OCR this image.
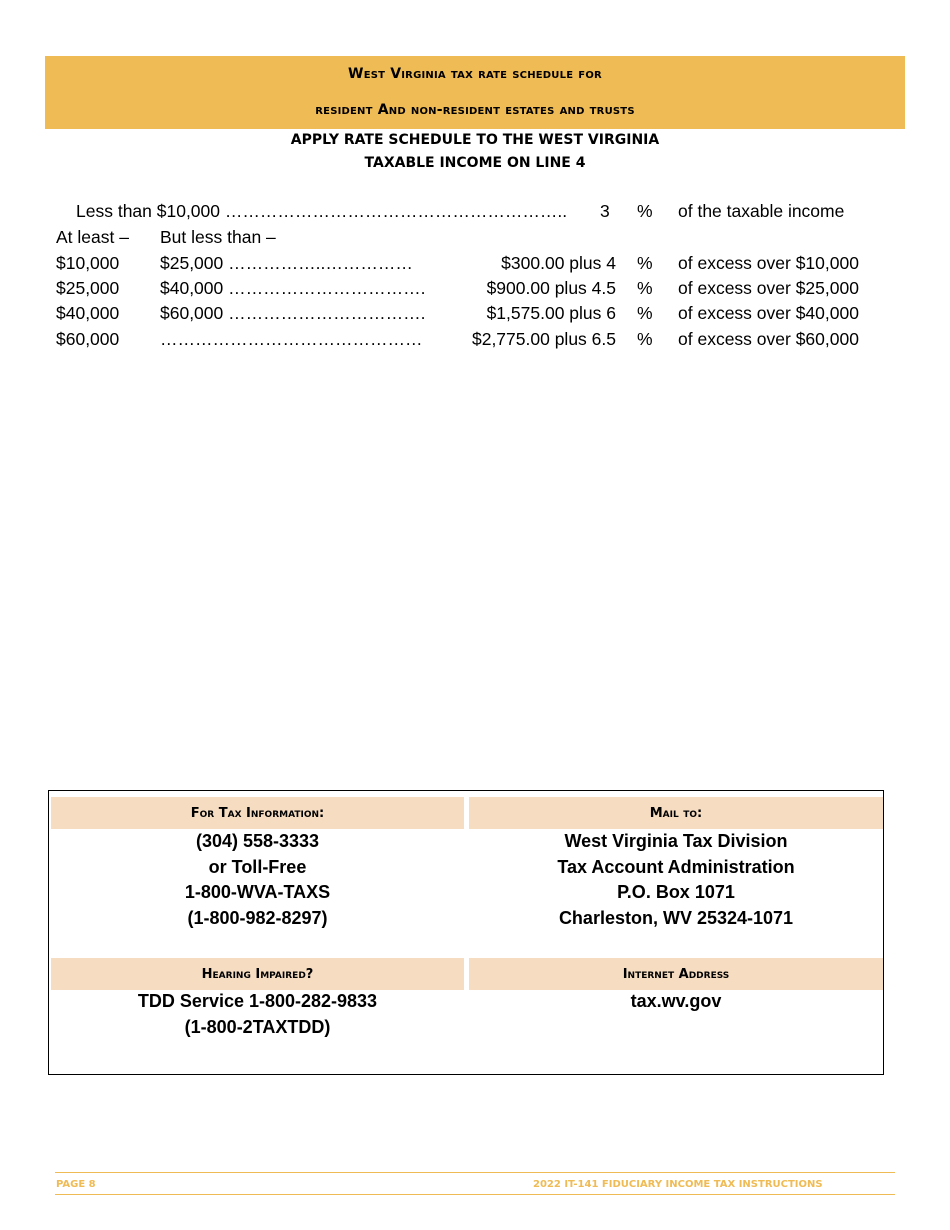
West Virginia tax rate schedule for
resident And non-resident estates and trusts
APPLY RATE SCHEDULE TO THE WEST VIRGINIA
TAXABLE INCOME ON LINE 4
Less than $10,000 ………………………………………………….. 3 % of the taxable income
At least – But less than –
$10,000 $25,000 ……………..……………	$300.00 plus 4 % of excess over $10,000
$25,000 $40,000 …………………………….	$900.00 plus 4.5 % of excess over $25,000
$40,000 $60,000 …………………………….	$1,575.00 plus 6 % of excess over $40,000
$60,000 ………………………………………	$2,775.00 plus 6.5 % of excess over $60,000
For Tax Information:
(304) 558-3333
or Toll-Free
1-800-WVA-TAXS
(1-800-982-8297)
Mail to:
West Virginia Tax Division
Tax Account Administration
P.O. Box 1071
Charleston, WV 25324-1071
Hearing Impaired?
TDD Service 1-800-282-9833
(1-800-2TAXTDD)
Internet Address
tax.wv.gov
PAGE 8	2022 IT-141 FIDUCIARY INCOME TAX INSTRUCTIONS
